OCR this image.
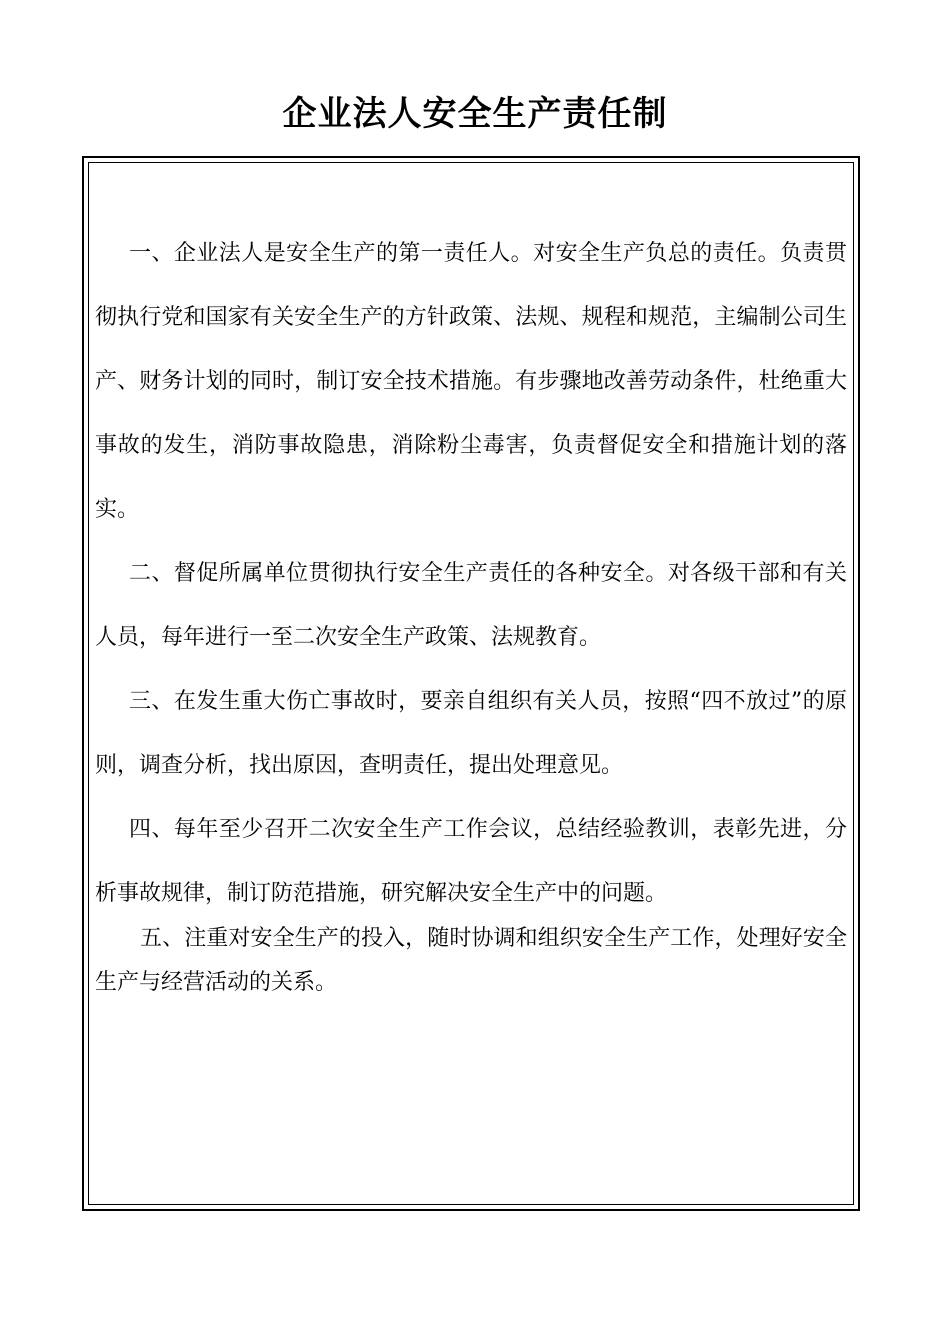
企业法人安全生产责任制

一、企业法人是安全生产的第一责任人。对安全生产负总的责任。负责贯彻执行党和国家有关安全生产的方针政策、法规、规程和规范，主编制公司生产、财务计划的同时，制订安全技术措施。有步骤地改善劳动条件，杜绝重大事故的发生，消防事故隐患，消除粉尘毒害，负责督促安全和措施计划的落实。

二、督促所属单位贯彻执行安全生产责任的各种安全。对各级干部和有关人员，每年进行一至二次安全生产政策、法规教育。

三、在发生重大伤亡事故时，要亲自组织有关人员，按照“四不放过”的原则，调查分析，找出原因，查明责任，提出处理意见。

四、每年至少召开二次安全生产工作会议，总结经验教训，表彰先进，分析事故规律，制订防范措施，研究解决安全生产中的问题。

五、注重对安全生产的投入，随时协调和组织安全生产工作，处理好安全生产与经营活动的关系。
